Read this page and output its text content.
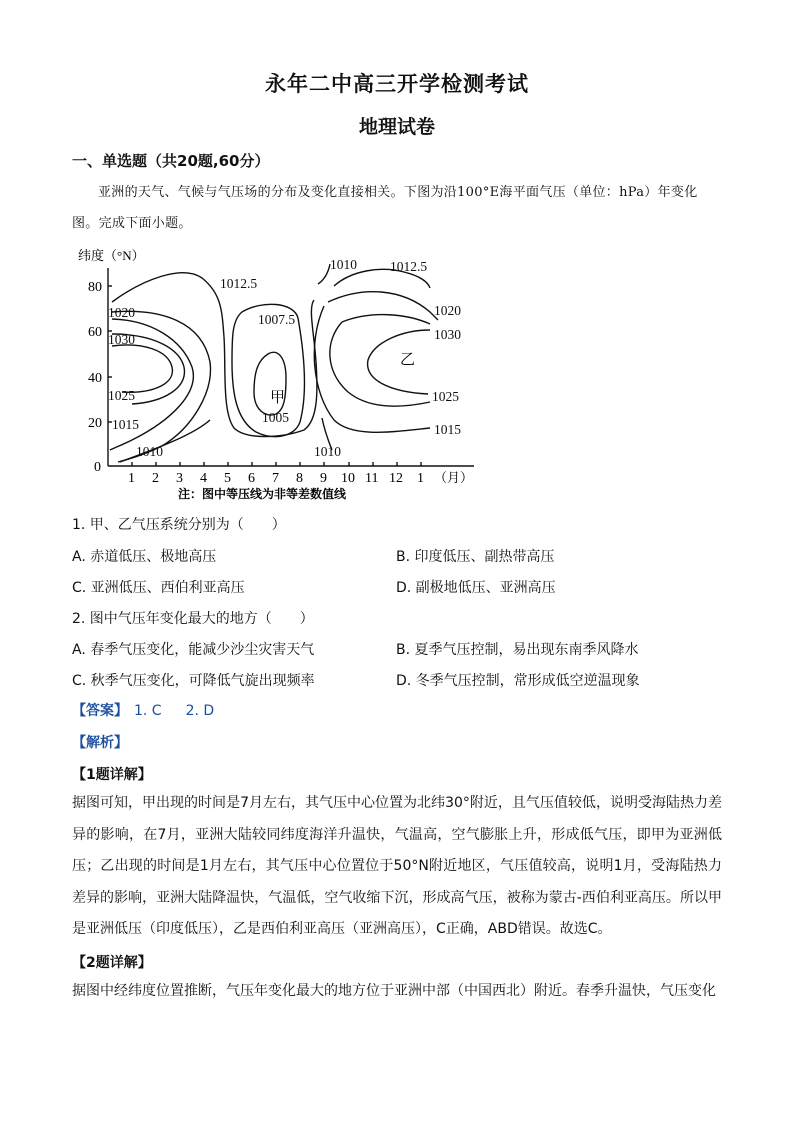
永年二中高三开学检测考试
地理试卷
一、单选题（共20题,60分）

亚洲的天气、气候与气压场的分布及变化直接相关。下图为沿100°E海平面气压（单位：hPa）年变化图。完成下面小题。

纬度（°N）
80
60
40
20
0
1 2 3 4 5 6 7 8 9 10 11 12 1 （月）
1010
1012.5
1012.5
1007.5
1020
1030
1025
1015
1010
1005
1010
1020
1030
1025
1015
甲
乙
注：图中等压线为非等差数值线
1. 甲、乙气压系统分别为（　　）
A. 赤道低压、极地高压	B. 印度低压、副热带高压
C. 亚洲低压、西伯利亚高压	D. 副极地低压、亚洲高压
2. 图中气压年变化最大的地方（　　）
A. 春季气压变化，能减少沙尘灾害天气	B. 夏季气压控制，易出现东南季风降水
C. 秋季气压变化，可降低气旋出现频率	D. 冬季气压控制，常形成低空逆温现象
【答案】 1. C 2. D
【解析】
【1题详解】

据图可知，甲出现的时间是7月左右，其气压中心位置为北纬30°附近，且气压值较低，说明受海陆热力差异的影响，在7月，亚洲大陆较同纬度海洋升温快，气温高，空气膨胀上升，形成低气压，即甲为亚洲低压；乙出现的时间是1月左右，其气压中心位置位于50°N附近地区，气压值较高，说明1月，受海陆热力差异的影响，亚洲大陆降温快，气温低，空气收缩下沉，形成高气压，被称为蒙古-西伯利亚高压。所以甲是亚洲低压（印度低压），乙是西伯利亚高压（亚洲高压），C正确，ABD错误。故选C。

【2题详解】

据图中经纬度位置推断，气压年变化最大的地方位于亚洲中部（中国西北）附近。春季升温快，气压变化
